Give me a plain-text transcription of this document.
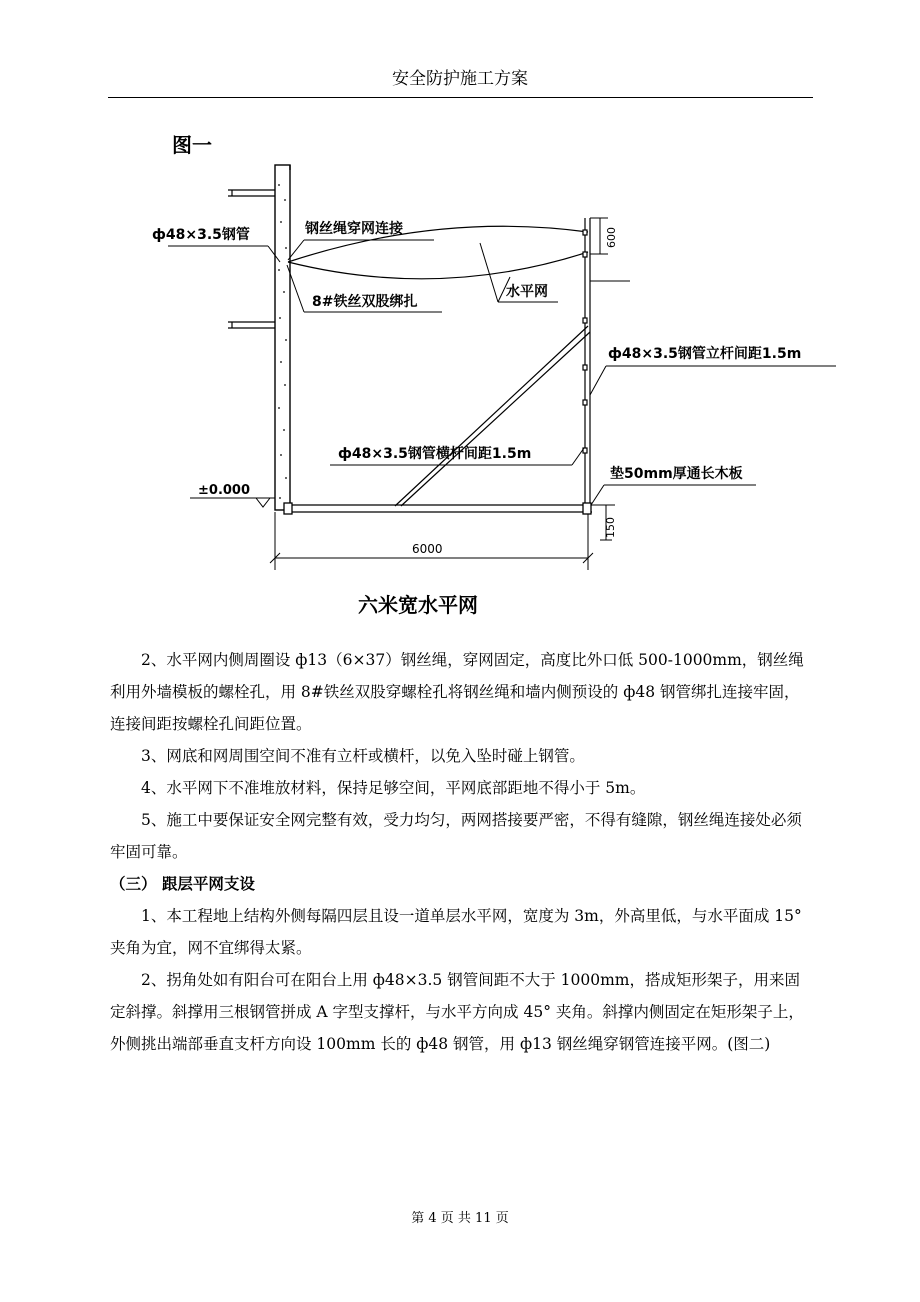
安全防护施工方案
图一
600
±0.000
150
6000
ф48×3.5钢管	钢丝绳穿网连接
8#铁丝双股绑扎
水平网
ф48×3.5钢管立杆间距1.5m
ф48×3.5钢管横杆间距1.5m
垫50mm厚通长木板
六米宽水平网

2、水平网内侧周圈设 ф13（6×37）钢丝绳，穿网固定，高度比外口低 500-1000mm，钢丝绳利用外墙模板的螺栓孔，用 8#铁丝双股穿螺栓孔将钢丝绳和墙内侧预设的 ф48 钢管绑扎连接牢固，连接间距按螺栓孔间距位置。

3、网底和网周围空间不准有立杆或横杆，以免入坠时碰上钢管。

4、水平网下不准堆放材料，保持足够空间，平网底部距地不得小于 5m。

5、施工中要保证安全网完整有效，受力均匀，两网搭接要严密，不得有缝隙，钢丝绳连接处必须牢固可靠。

（三） 跟层平网支设

1、本工程地上结构外侧每隔四层且设一道单层水平网，宽度为 3m，外高里低，与水平面成 15° 夹角为宜，网不宜绑得太紧。

2、拐角处如有阳台可在阳台上用 ф48×3.5 钢管间距不大于 1000mm，搭成矩形架子，用来固定斜撑。斜撑用三根钢管拼成 A 字型支撑杆，与水平方向成 45° 夹角。斜撑内侧固定在矩形架子上，外侧挑出端部垂直支杆方向设 100mm 长的 ф48 钢管，用 ф13 钢丝绳穿钢管连接平网。(图二)

第 4 页 共 11 页
